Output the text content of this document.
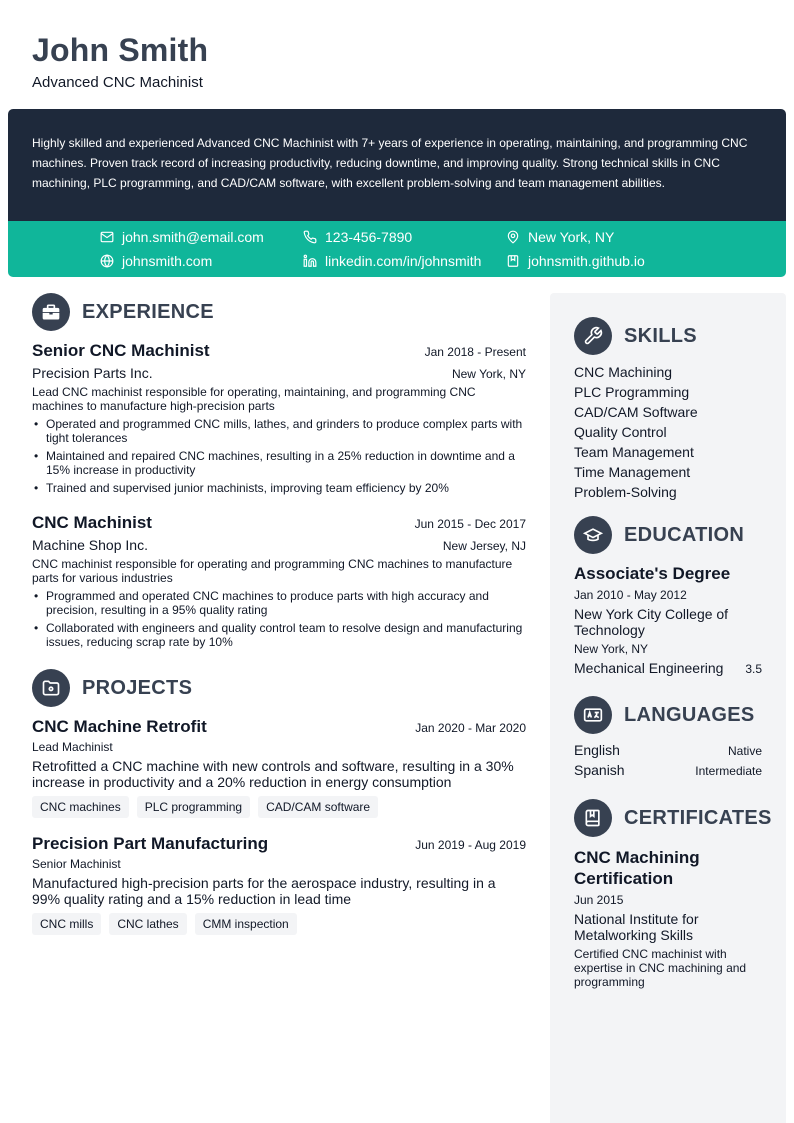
John Smith
Advanced CNC Machinist
Highly skilled and experienced Advanced CNC Machinist with 7+ years of experience in operating, maintaining, and programming CNC machines. Proven track record of increasing productivity, reducing downtime, and improving quality. Strong technical skills in CNC machining, PLC programming, and CAD/CAM software, with excellent problem-solving and team management abilities.
john.smith@email.com	123-456-7890	New York, NY
johnsmith.com	linkedin.com/in/johnsmith	johnsmith.github.io
EXPERIENCE
Senior CNC Machinist	Jan 2018 - Present
Precision Parts Inc.	New York, NY
Lead CNC machinist responsible for operating, maintaining, and programming CNC machines to manufacture high-precision parts
• Operated and programmed CNC mills, lathes, and grinders to produce complex parts with tight tolerances
• Maintained and repaired CNC machines, resulting in a 25% reduction in downtime and a 15% increase in productivity
• Trained and supervised junior machinists, improving team efficiency by 20%
CNC Machinist	Jun 2015 - Dec 2017
Machine Shop Inc.	New Jersey, NJ
CNC machinist responsible for operating and programming CNC machines to manufacture parts for various industries
• Programmed and operated CNC machines to produce parts with high accuracy and precision, resulting in a 95% quality rating
• Collaborated with engineers and quality control team to resolve design and manufacturing issues, reducing scrap rate by 10%
PROJECTS
CNC Machine Retrofit	Jan 2020 - Mar 2020
Lead Machinist
Retrofitted a CNC machine with new controls and software, resulting in a 30% increase in productivity and a 20% reduction in energy consumption
CNC machines	PLC programming	CAD/CAM software
Precision Part Manufacturing	Jun 2019 - Aug 2019
Senior Machinist
Manufactured high-precision parts for the aerospace industry, resulting in a 99% quality rating and a 15% reduction in lead time
CNC mills	CNC lathes	CMM inspection
SKILLS
CNC Machining
PLC Programming
CAD/CAM Software
Quality Control
Team Management
Time Management
Problem-Solving
EDUCATION
Associate's Degree
Jan 2010 - May 2012
New York City College of Technology
New York, NY
Mechanical Engineering 3.5
LANGUAGES
English	Native
Spanish	Intermediate
CERTIFICATES
CNC Machining Certification
Jun 2015
National Institute for Metalworking Skills
Certified CNC machinist with expertise in CNC machining and programming
